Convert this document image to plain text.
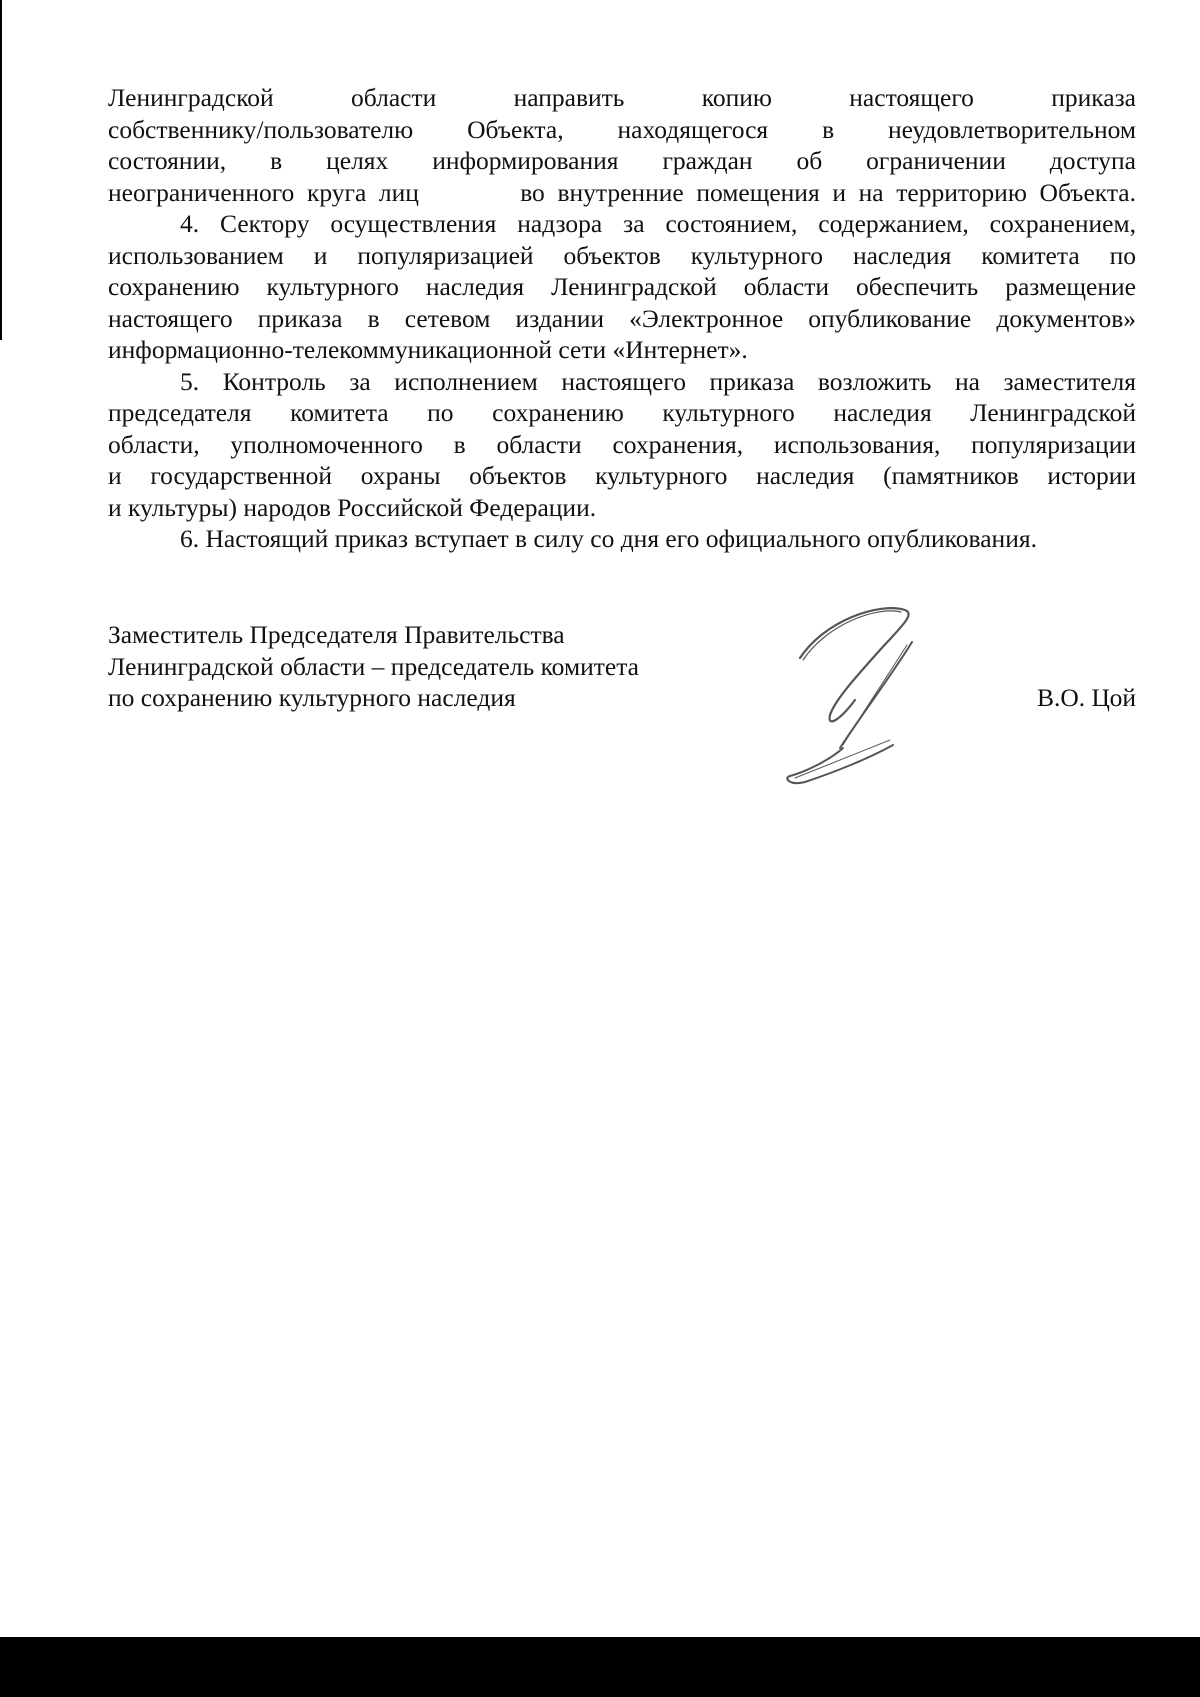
Ленинградской области направить копию настоящего приказа
собственнику/пользователю Объекта, находящегося в неудовлетворительном
состоянии, в целях информирования граждан об ограничении доступа
неограниченного круга лиц        во внутренние помещения и на территорию Объекта.

4. Сектору осуществления надзора за состоянием, содержанием, сохранением,
использованием и популяризацией объектов культурного наследия комитета по
сохранению культурного наследия Ленинградской области обеспечить размещение
настоящего приказа в сетевом издании «Электронное опубликование документов»
информационно-телекоммуникационной сети «Интернет».

5. Контроль за исполнением настоящего приказа возложить на заместителя
председателя комитета по сохранению культурного наследия Ленинградской
области, уполномоченного в области сохранения, использования, популяризации
и государственной охраны объектов культурного наследия (памятников истории
и культуры) народов Российской Федерации.

6. Настоящий приказ вступает в силу со дня его официального опубликования.

Заместитель Председателя Правительства
Ленинградской области – председатель комитета
по сохранению культурного наследия	В.О. Цой
